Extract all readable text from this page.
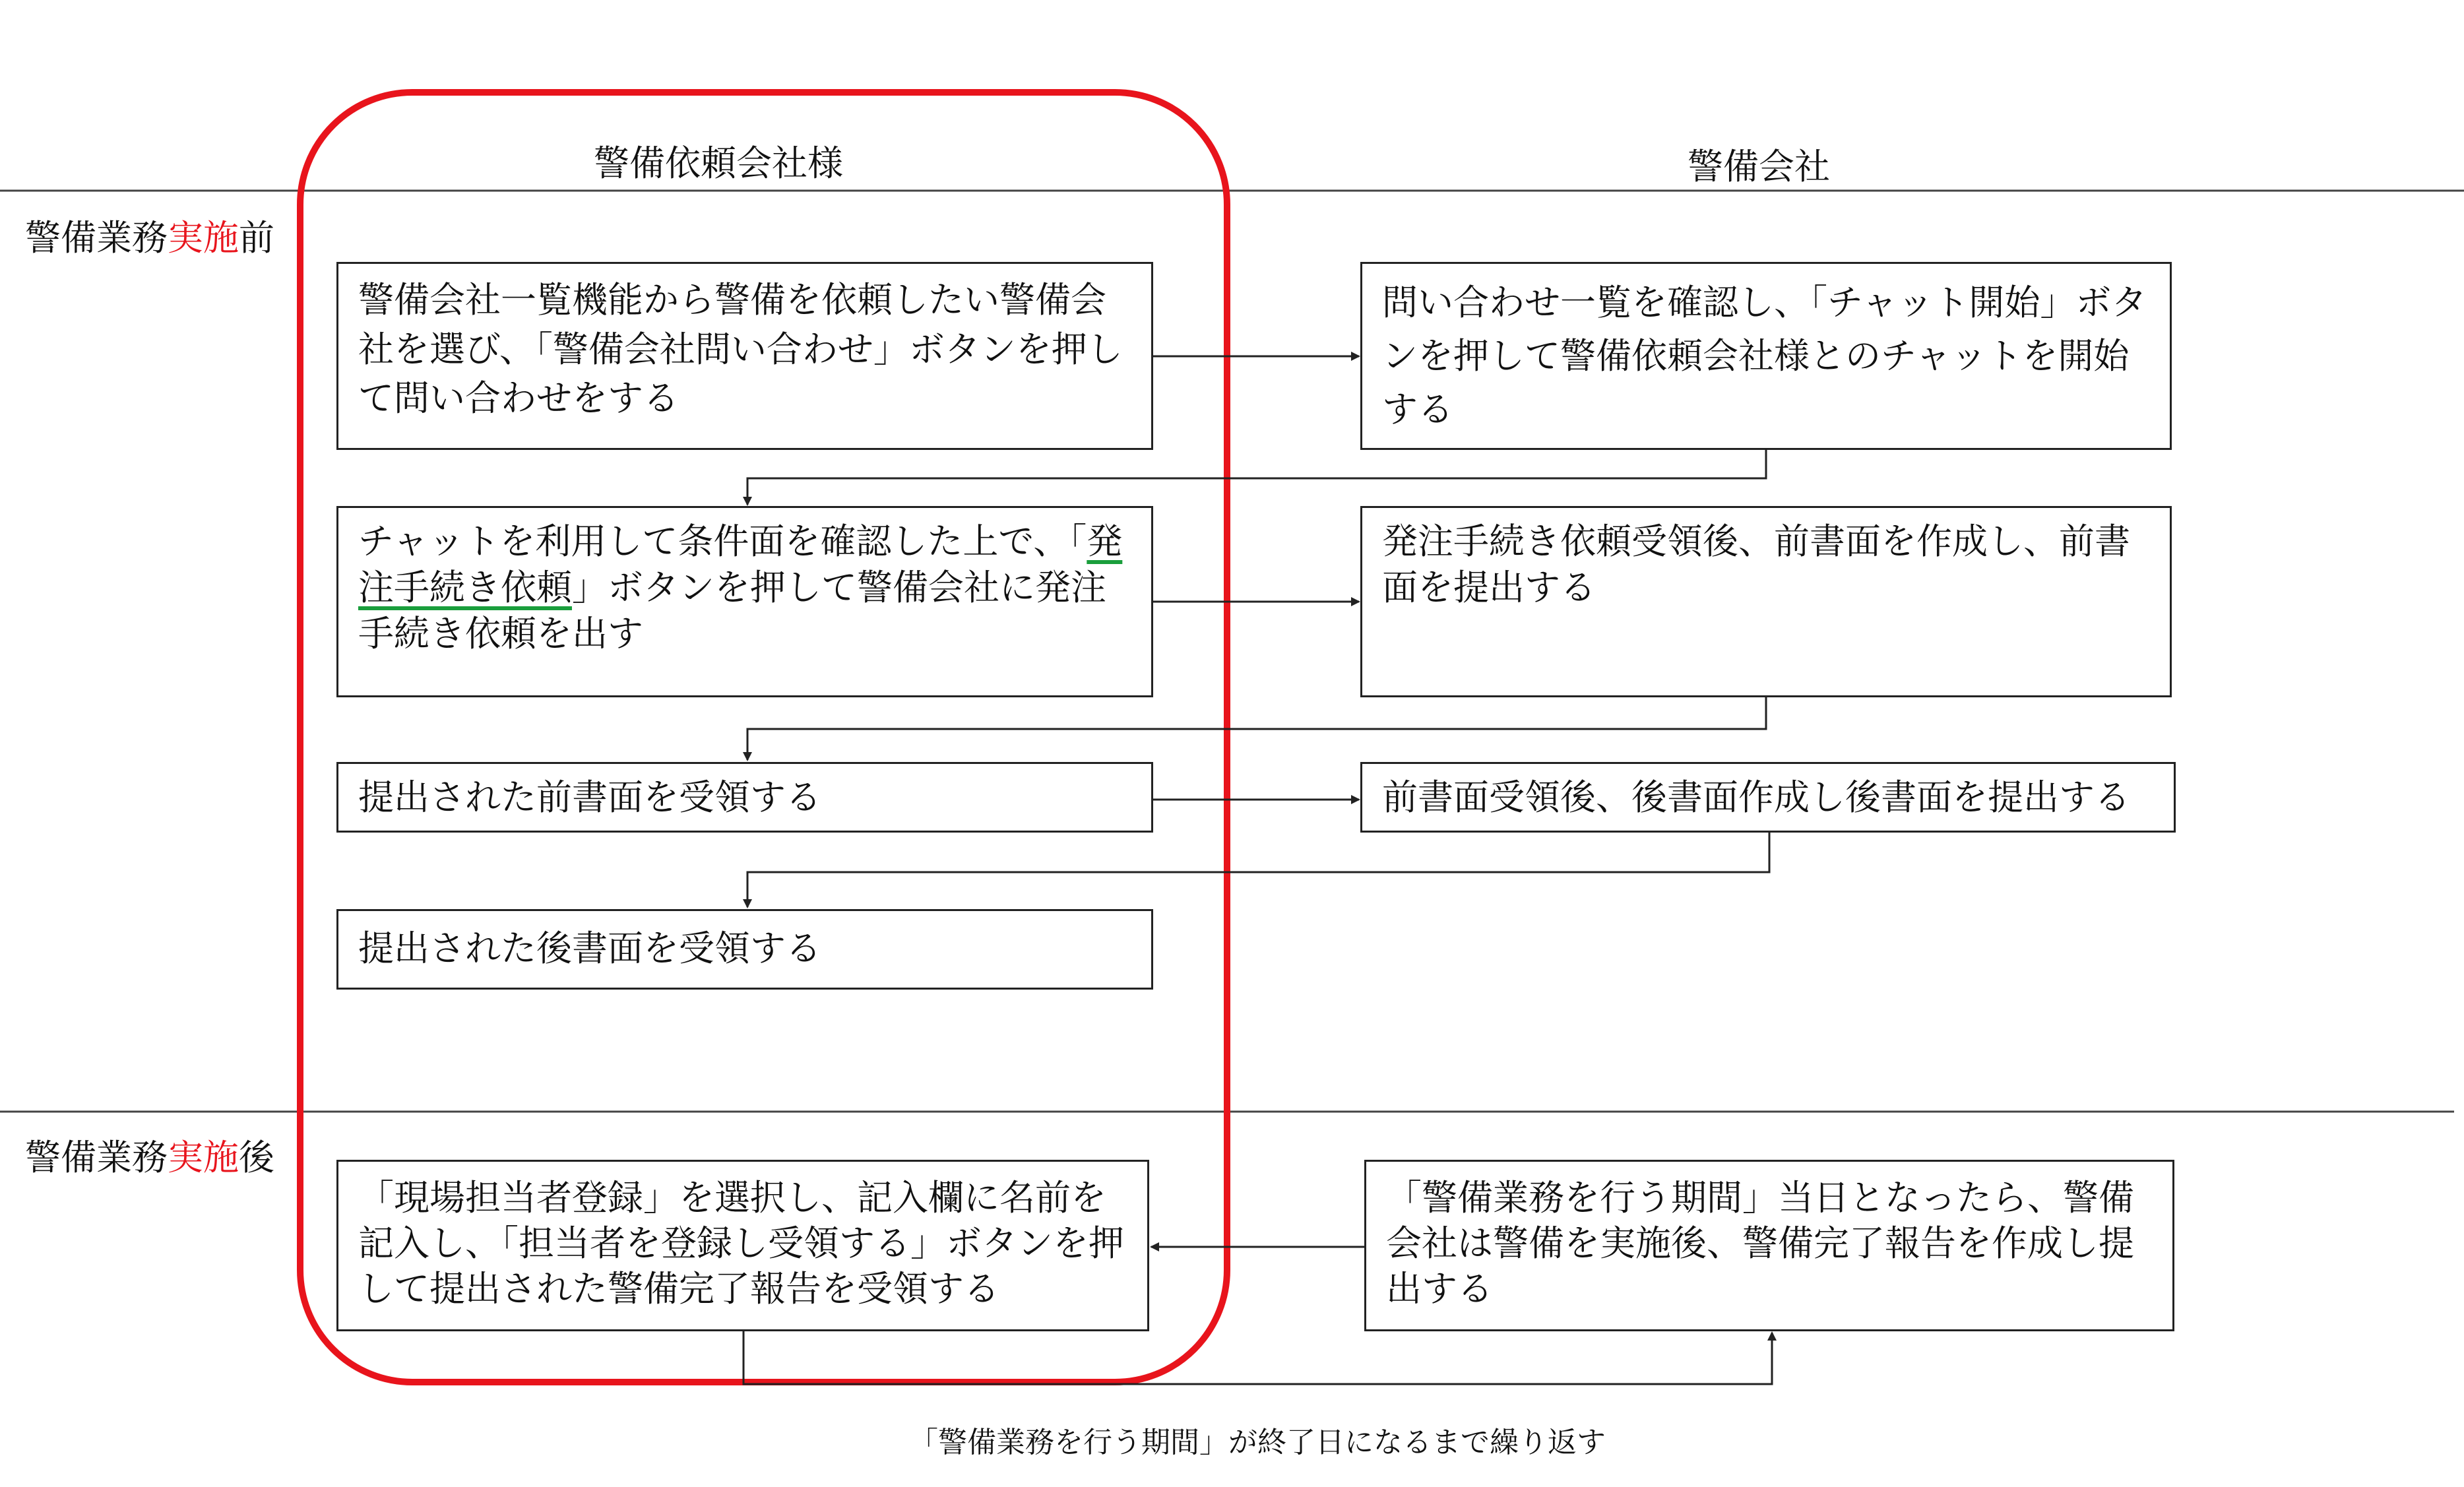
警備依頼会社様	警備会社
警備業務実施前
警備業務実施後
警備会社一覧機能から警備を依頼したい警備会社を選び、「警備会社問い合わせ」ボタンを押して問い合わせをする
チャットを利用して条件面を確認した上で、「発注手続き依頼」ボタンを押して警備会社に発注手続き依頼を出す
提出された前書面を受領する
提出された後書面を受領する
「現場担当者登録」を選択し、記入欄に名前を記入し、「担当者を登録し受領する」ボタンを押して提出された警備完了報告を受領する
問い合わせ一覧を確認し、「チャット開始」ボタンを押して警備依頼会社様とのチャットを開始する
発注手続き依頼受領後、前書面を作成し、前書面を提出する
前書面受領後、後書面作成し後書面を提出する
「警備業務を行う期間」当日となったら、警備会社は警備を実施後、警備完了報告を作成し提出する
「警備業務を行う期間」が終了日になるまで繰り返す
